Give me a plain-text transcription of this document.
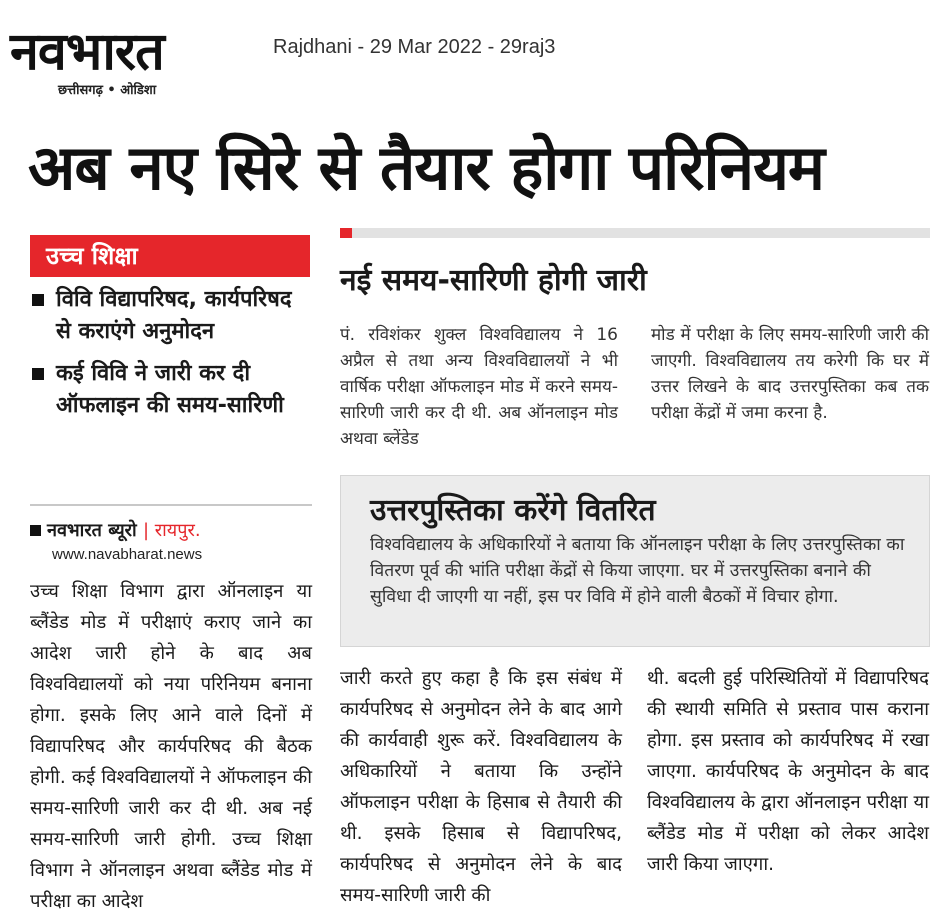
नवभारत
छत्तीसगढ़ • ओडिशा
Rajdhani - 29 Mar 2022 - 29raj3
अब नए सिरे से तैयार होगा परिनियम
उच्च शिक्षा
विवि विद्यापरिषद, कार्यपरिषद से कराएंगे अनुमोदन
कई विवि ने जारी कर दी ऑफलाइन की समय-सारिणी
नवभारत ब्यूरो | रायपुर.
www.navabharat.news
उच्च शिक्षा विभाग द्वारा ऑनलाइन या ब्लैंडेड मोड में परीक्षाएं कराए जाने का आदेश जारी होने के बाद अब विश्वविद्यालयों को नया परिनियम बनाना होगा. इसके लिए आने वाले दिनों में विद्यापरिषद और कार्यपरिषद की बैठक होगी. कई विश्वविद्यालयों ने ऑफलाइन की समय-सारिणी जारी कर दी थी. अब नई समय-सारिणी जारी होगी. उच्च शिक्षा विभाग ने ऑनलाइन अथवा ब्लैंडेड मोड में परीक्षा का आदेश
नई समय-सारिणी होगी जारी
पं. रविशंकर शुक्ल विश्वविद्यालय ने 16 अप्रैल से तथा अन्य विश्वविद्यालयों ने भी वार्षिक परीक्षा ऑफलाइन मोड में करने समय-सारिणी जारी कर दी थी. अब ऑनलाइन मोड अथवा ब्लेंडेड
मोड में परीक्षा के लिए समय-सारिणी जारी की जाएगी. विश्वविद्यालय तय करेगी कि घर में उत्तर लिखने के बाद उत्तरपुस्तिका कब तक परीक्षा केंद्रों में जमा करना है.
उत्तरपुस्तिका करेंगे वितरित
विश्वविद्यालय के अधिकारियों ने बताया कि ऑनलाइन परीक्षा के लिए उत्तरपुस्तिका का वितरण पूर्व की भांति परीक्षा केंद्रों से किया जाएगा. घर में उत्तरपुस्तिका बनाने की सुविधा दी जाएगी या नहीं, इस पर विवि में होने वाली बैठकों में विचार होगा.
जारी करते हुए कहा है कि इस संबंध में कार्यपरिषद से अनुमोदन लेने के बाद आगे की कार्यवाही शुरू करें. विश्वविद्यालय के अधिकारियों ने बताया कि उन्होंने ऑफलाइन परीक्षा के हिसाब से तैयारी की थी. इसके हिसाब से विद्यापरिषद, कार्यपरिषद से अनुमोदन लेने के बाद समय-सारिणी जारी की
थी. बदली हुई परिस्थितियों में विद्यापरिषद की स्थायी समिति से प्रस्ताव पास कराना होगा. इस प्रस्ताव को कार्यपरिषद में रखा जाएगा. कार्यपरिषद के अनुमोदन के बाद विश्वविद्यालय के द्वारा ऑनलाइन परीक्षा या ब्लैंडेड मोड में परीक्षा को लेकर आदेश जारी किया जाएगा.
